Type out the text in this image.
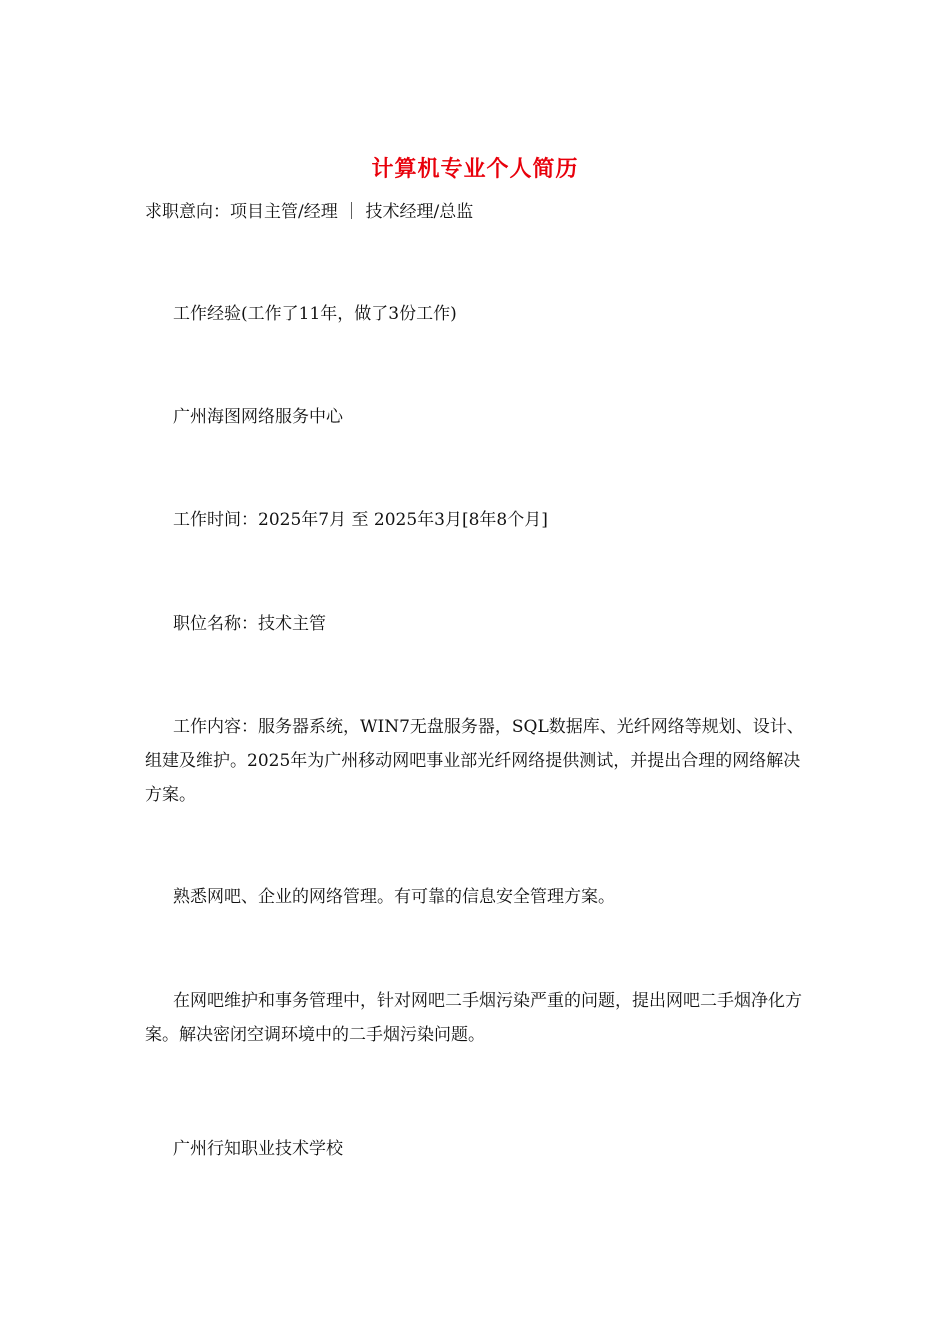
计算机专业个人简历
求职意向：项目主管/经理 ｜ 技术经理/总监
工作经验(工作了11年，做了3份工作)
广州海图网络服务中心
工作时间：2025年7月 至 2025年3月[8年8个月]
职位名称：技术主管
工作内容：服务器系统，WIN7无盘服务器，SQL数据库、光纤网络等规划、设计、组建及维护。2025年为广州移动网吧事业部光纤网络提供测试，并提出合理的网络解决方案。
熟悉网吧、企业的网络管理。有可靠的信息安全管理方案。
在网吧维护和事务管理中，针对网吧二手烟污染严重的问题，提出网吧二手烟净化方案。解决密闭空调环境中的二手烟污染问题。
广州行知职业技术学校
